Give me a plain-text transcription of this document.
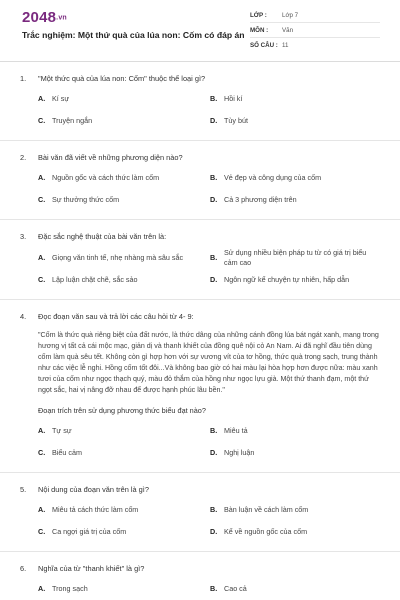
2048.vn
Trắc nghiệm: Một thứ quà của lúa non: Cốm có đáp án
LỚP :	Lớp 7
MÔN :	Văn
SỐ CÂU : 11
1.	"Một thức quà của lúa non: Cốm" thuộc thể loại gì?
A. Kí sự	B. Hồi kí
C. Truyện ngắn	D. Tùy bút
2.	Bài văn đã viết về những phương diện nào?
A. Nguồn gốc và cách thức làm cốm	B. Vẻ đẹp và công dụng của cốm
C. Sự thưởng thức cốm	D. Cả 3 phương diện trên
3.	Đặc sắc nghệ thuật của bài văn trên là:
A. Giọng văn tinh tế, nhẹ nhàng mà sâu sắc	B.
Sử dụng nhiều biện pháp tu từ có giá trị biểu cảm cao
C. Lập luận chặt chẽ, sắc sảo	D. Ngôn ngữ kể chuyện tự nhiên, hấp dẫn
4.	Đọc đoạn văn sau và trả lời các câu hỏi từ 4- 9:
"Cốm là thức quà riêng biệt của đất nước, là thức dâng của những cánh đồng lúa bát ngát xanh, mang trong hương vị tất cả cái mộc mạc, giản dị và thanh khiết của đồng quê nội cỏ An Nam. Ai đã nghĩ đầu tiên dùng cốm làm quà sêu tết. Không còn gì hợp hơn với sự vương vít của tơ hồng, thức quà trong sạch, trung thành như các việc lễ nghi. Hồng cốm tốt đôi...Và không bao giờ có hai màu lại hòa hợp hơn được nữa: màu xanh tươi của cốm như ngọc thạch quý, màu đỏ thắm của hồng như ngọc lựu già. Một thứ thanh đạm, một thứ ngọt sắc, hai vị nâng đỡ nhau để được hạnh phúc lâu bền."
Đoạn trích trên sử dụng phương thức biểu đạt nào?
A. Tự sự	B. Miêu tả
C. Biểu cảm	D. Nghị luận
5.	Nội dung của đoạn văn trên là gì?
A. Miêu tả cách thức làm cốm	B. Bàn luận về cách làm cốm
C. Ca ngợi giá trị của cốm	D. Kể về nguồn gốc của cốm
6.	Nghĩa của từ "thanh khiết" là gì?
A. Trong sạch	B. Cao cả
